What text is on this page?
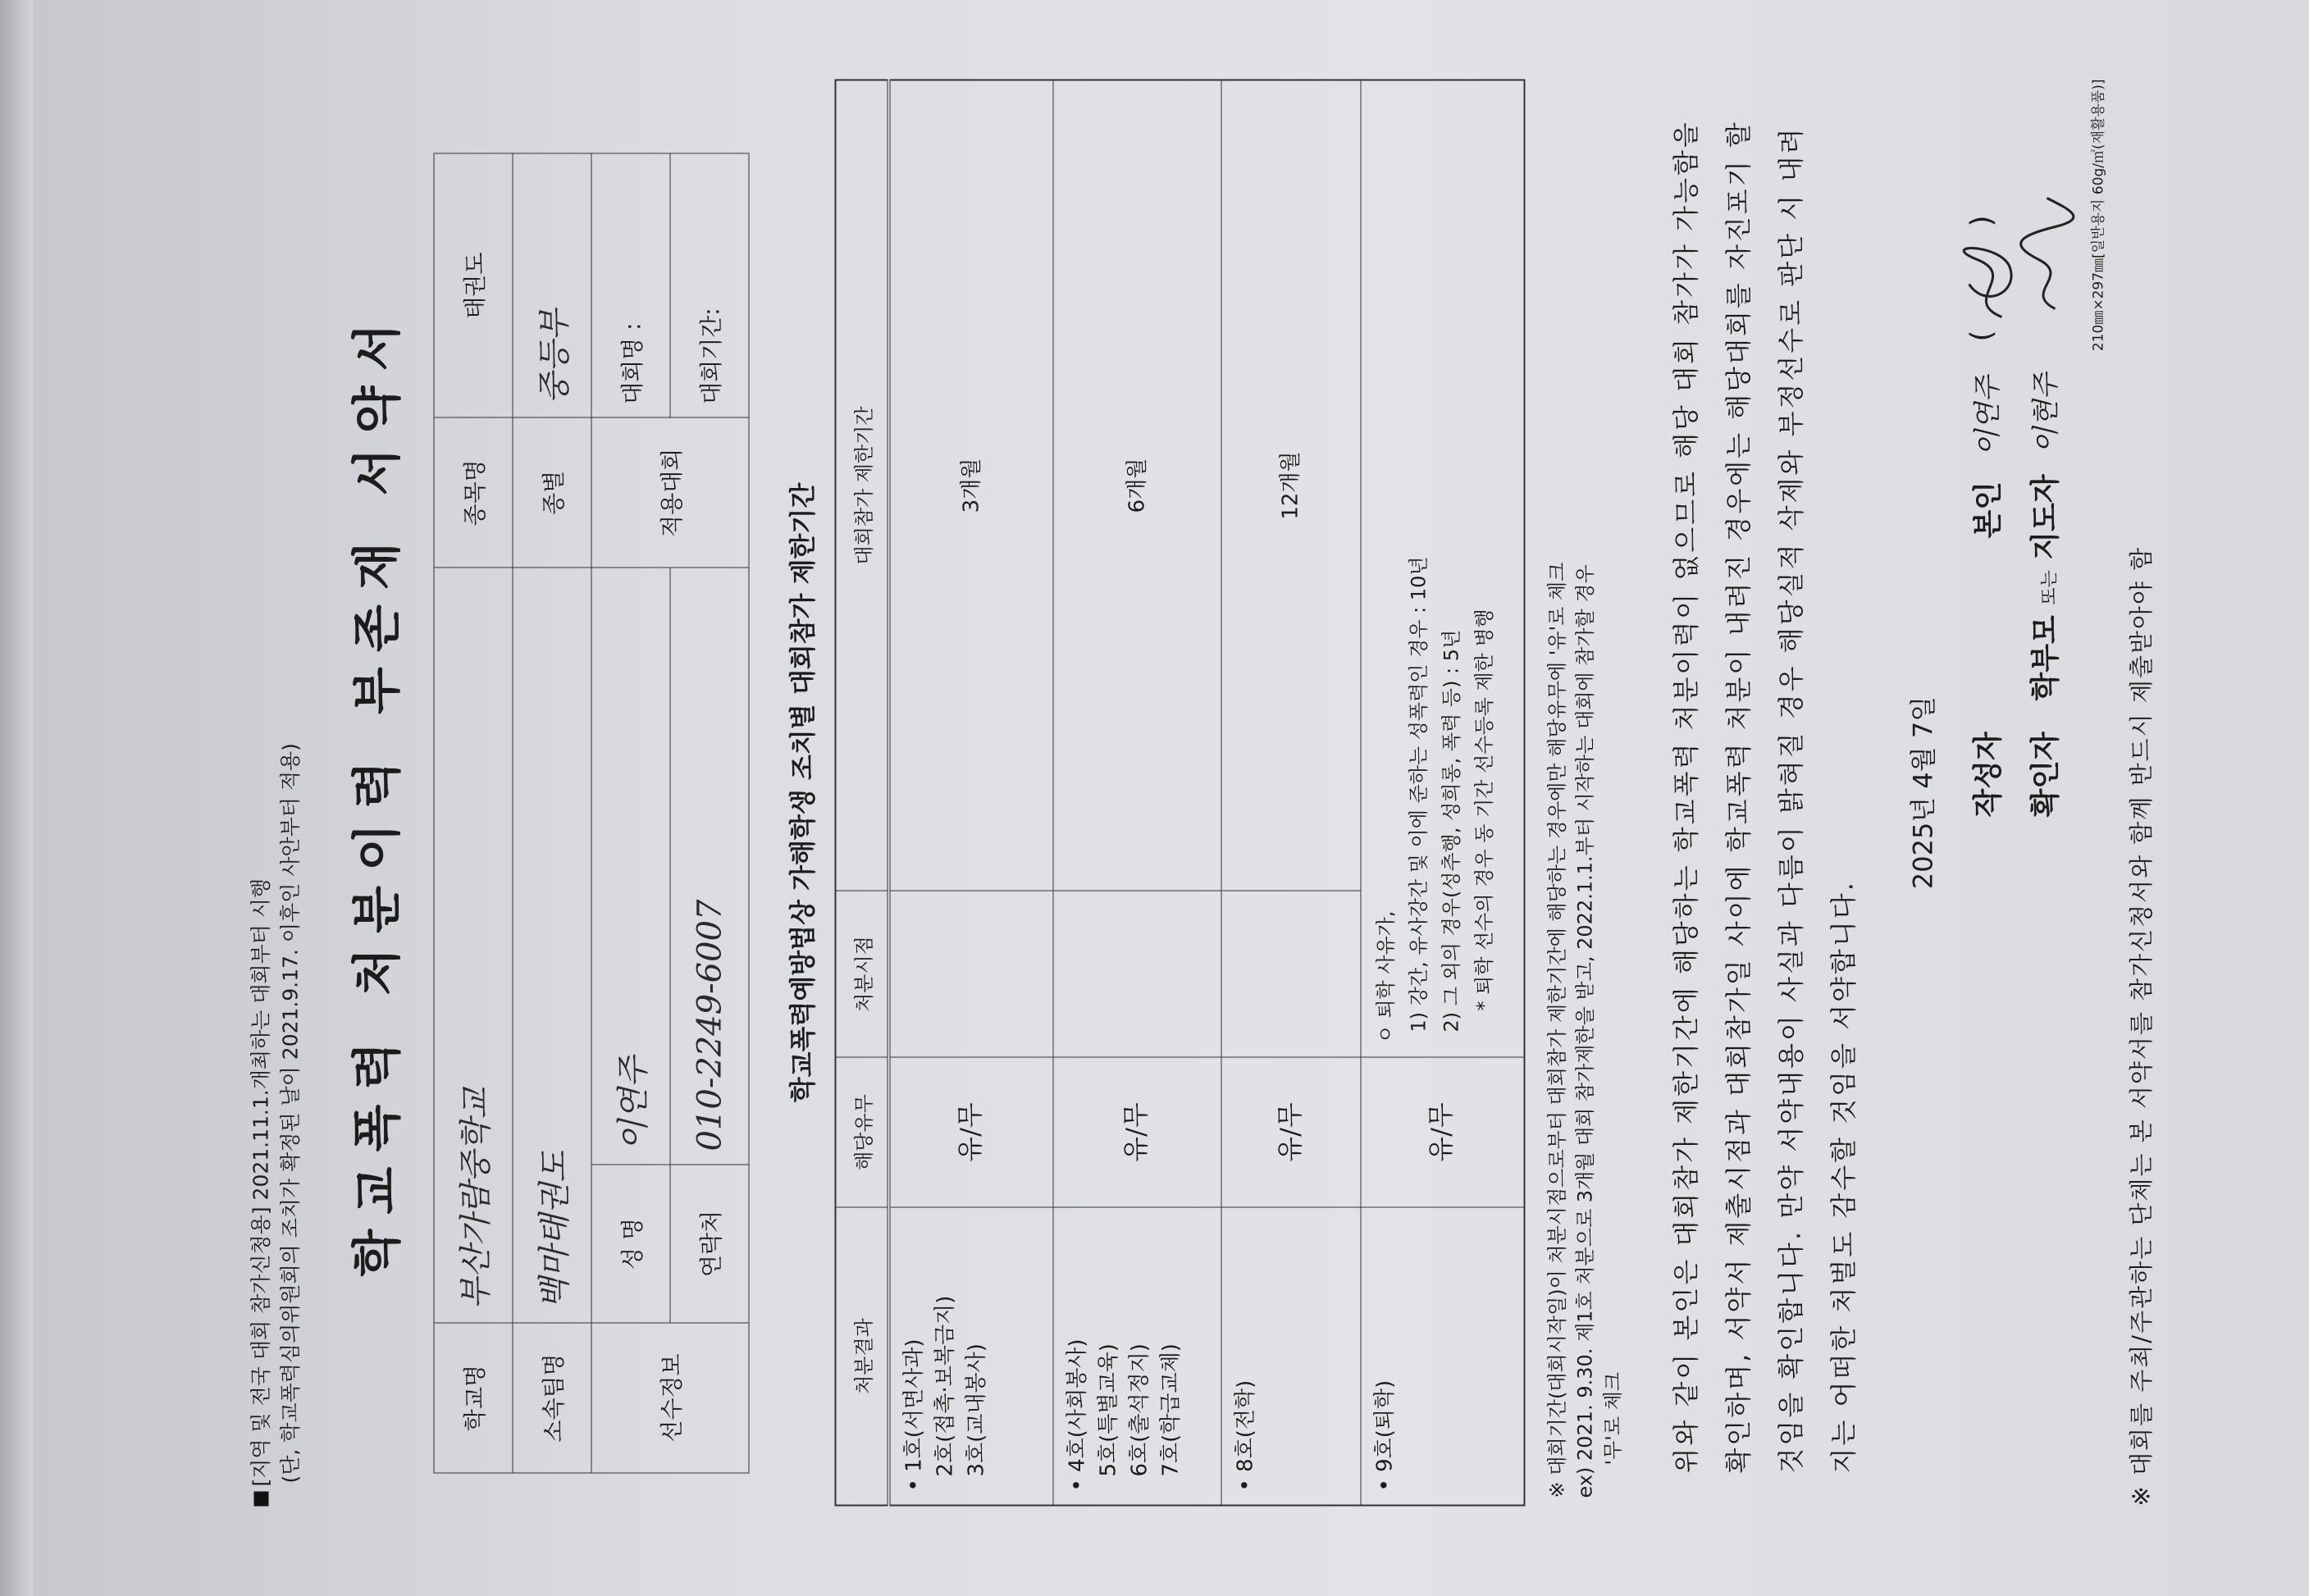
[지역 및 전국 대회 참가신청용] 2021.11.1.개최하는 대회부터 시행 (단, 학교폭력심의위원회의 조치가 확정된 날이 2021.9.17. 이후인 사안부터 적용) 학교폭력 처분이력 부존재 서약서
학교명	부산가람중학교		종목명	태권도
소속팀명	백마태권도		종별	중등부
선수정보	성 명	이연주	적용대회	대회명 :
	연락처	010-2249-6007		대회기간:
학교폭력예방법상 가해학생 조치별 대회참가 제한기간
처분결과	해당유무	처분시점	대회참가 제한기간

• 1호(서면사과) 2호(접촉·보복금지) 3호(교내봉사)	유/무		3개월

• 4호(사회봉사) 5호(특별교육) 6호(출석정지) 7호(학급교체)	유/무		6개월

• 8호(전학)	유/무		12개월

• 9호(퇴학)	유/무	ㅇ 퇴학 사유가, 1) 강간, 유사강간 및 이에 준하는 성폭력인 경우 : 10년 2) 그 외의 경우(성추행, 성희롱, 폭력 등) : 5년 * 퇴학 선수의 경우 동 기간 선수등록 제한 병행		※ 대회기간(대회시작일)이 처분시점으로부터 대회참가 제한기간에 해당하는 경우에만 해당유무에 '유'로 체크 ex) 2021. 9.30. 제1호 처분으로 3개월 대회 참가제한을 받고, 2022.1.1.부터 시작하는 대회에 참가할 경우 '무'로 체크	위와 같이 본인은 대회참가 제한기간에 해당하는 학교폭력 처분이력이 없으므로 해당 대회 참가가 가능함을 확인하며, 서약서 제출시점과 대회참가일 사이에 학교폭력 처분이 내려진 경우에는 해당대회를 자진포기 할 것임을 확인합니다. 만약 서약내용이 사실과 다름이 밝혀질 경우 해당실적 삭제와 부정선수로 판단 시 내려지는 어떠한 처벌도 감수할 것임을 서약합니다.
2025년 4월 7일 작성자
본인
이연주
(
)
확인자   학부모 또는 지도자  이현주
210㎜×297㎜[일반용지 60g/㎡(재활용품)]
※ 대회를 주최/주관하는 단체는 본 서약서를 참가신청서와 함께 반드시 제출받아야 함
